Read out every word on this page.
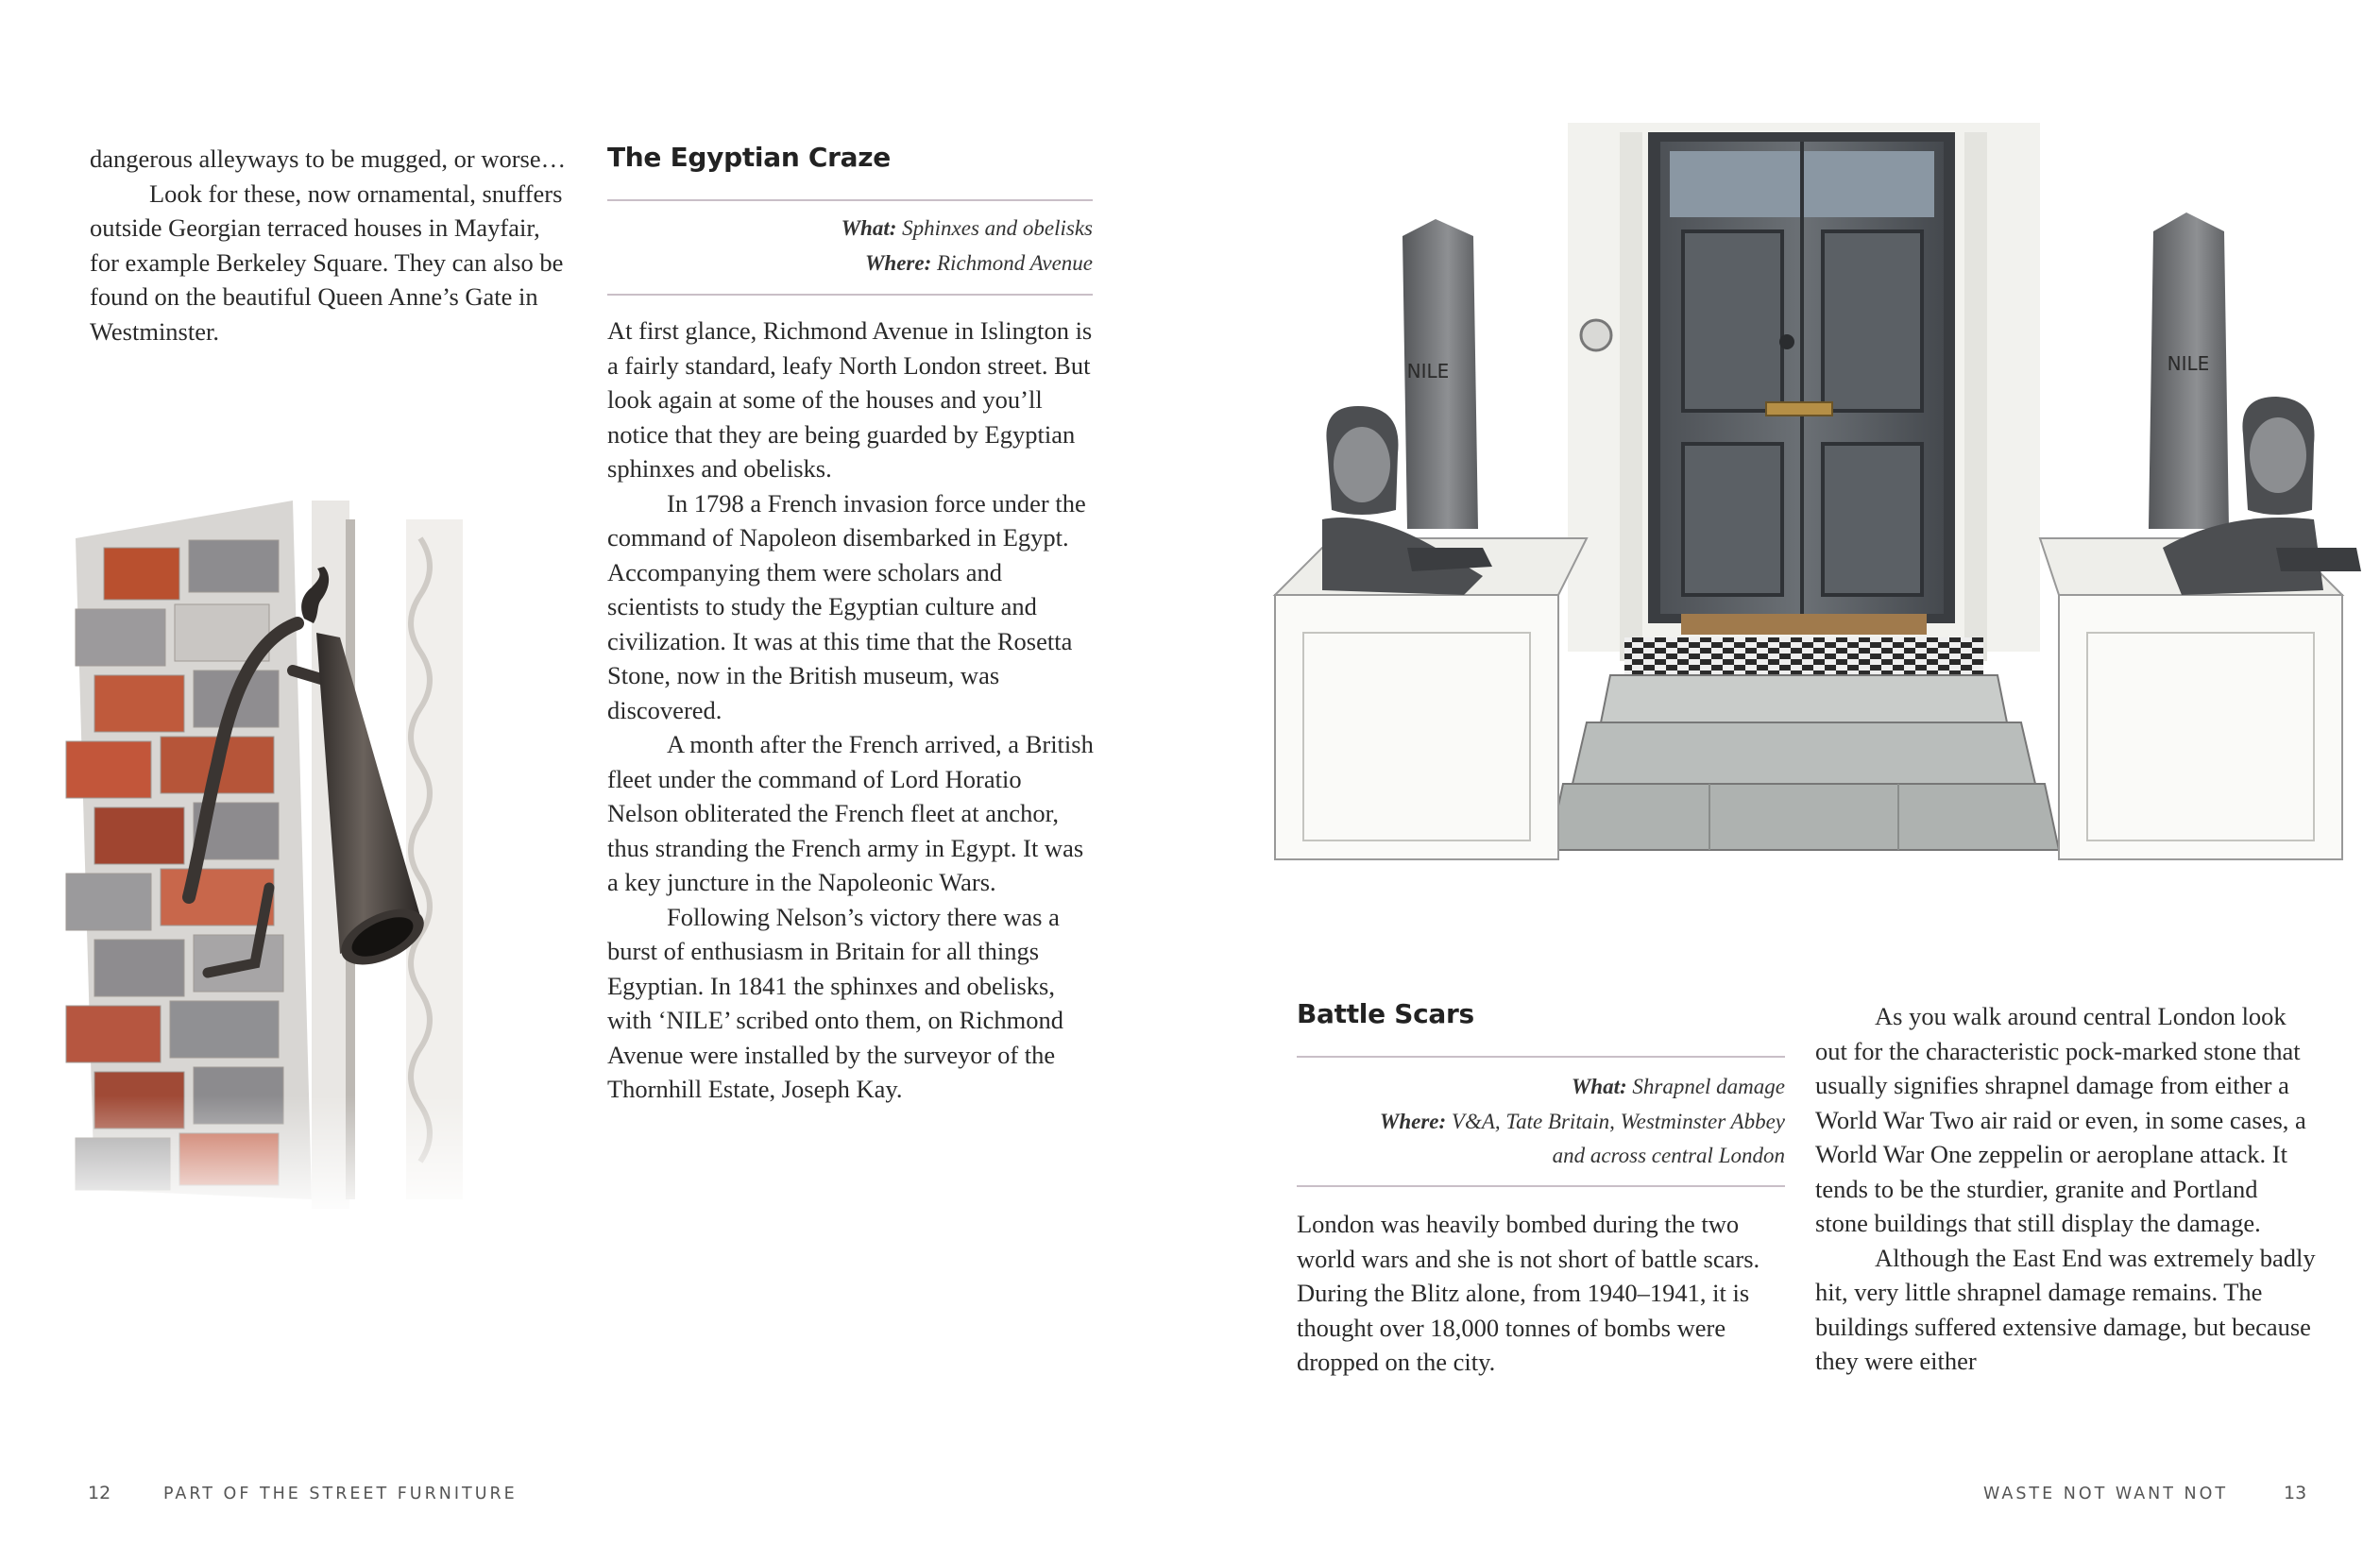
dangerous alleyways to be mugged, or worse…

Look for these, now ornamental, snuffers outside Georgian terraced houses in Mayfair, for example Berkeley Square. They can also be found on the beautiful Queen Anne’s Gate in Westminster.

The Egyptian Craze
What: Sphinxes and obelisks
Where: Richmond Avenue

At first glance, Richmond Avenue in Islington is a fairly standard, leafy North London street. But look again at some of the houses and you’ll notice that they are being guarded by Egyptian sphinxes and obelisks.

In 1798 a French invasion force under the command of Napoleon disembarked in Egypt. Accompanying them were scholars and scientists to study the Egyptian culture and civilization. It was at this time that the Rosetta Stone, now in the British museum, was discovered.

A month after the French arrived, a British fleet under the command of Lord Horatio Nelson obliterated the French fleet at anchor, thus stranding the French army in Egypt. It was a key juncture in the Napoleonic Wars.

Following Nelson’s victory there was a burst of enthusiasm in Britain for all things Egyptian. In 1841 the sphinxes and obelisks, with ‘NILE’ scribed onto them, on Richmond Avenue were installed by the surveyor of the Thornhill Estate, Joseph Kay.

12	PART OF THE STREET FURNITURE
NILE	NILE
Battle Scars
What: Shrapnel damage
Where: V&A, Tate Britain, Westminster Abbey
and across central London

London was heavily bombed during the two world wars and she is not short of battle scars. During the Blitz alone, from 1940–1941, it is thought over 18,000 tonnes of bombs were dropped on the city.

As you walk around central London look out for the characteristic pock-marked stone that usually signifies shrapnel damage from either a World War Two air raid or even, in some cases, a World War One zeppelin or aeroplane attack. It tends to be the sturdier, granite and Portland stone buildings that still display the damage.

Although the East End was extremely badly hit, very little shrapnel damage remains. The buildings suffered extensive damage, but because they were either

WASTE NOT WANT NOT	13
